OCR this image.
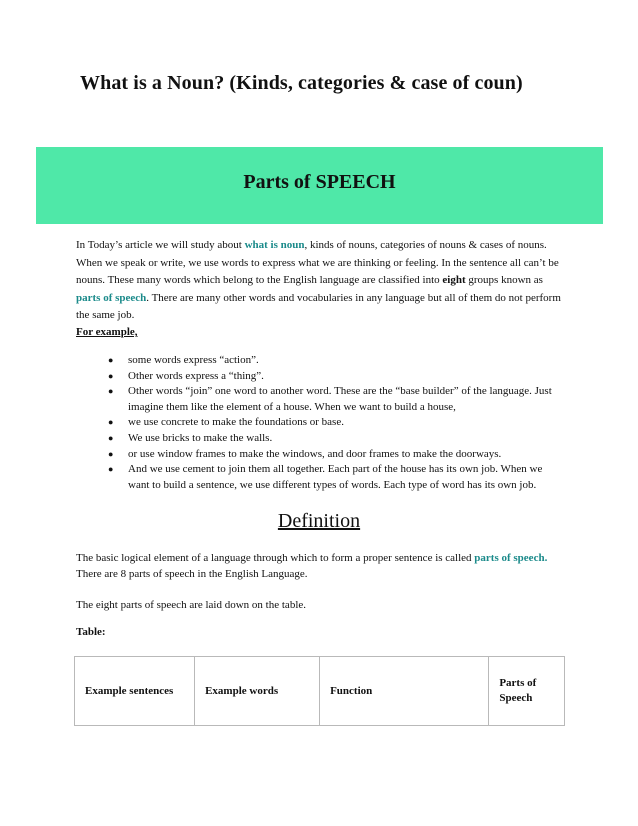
What is a Noun? (Kinds, categories & case of coun)
Parts of SPEECH
In Today’s article we will study about what is noun, kinds of nouns, categories of nouns & cases of nouns. When we speak or write, we use words to express what we are thinking or feeling. In the sentence all can’t be nouns. These many words which belong to the English language are classified into eight groups known as parts of speech. There are many other words and vocabularies in any language but all of them do not perform the same job.
For example,
● some words express “action”.
● Other words express a “thing”.
● Other words “join” one word to another word. These are the “base builder” of the language. Just imagine them like the element of a house. When we want to build a house,
● we use concrete to make the foundations or base.
● We use bricks to make the walls.
● or use window frames to make the windows, and door frames to make the doorways.
● And we use cement to join them all together. Each part of the house has its own job. When we want to build a sentence, we use different types of words. Each type of word has its own job.
Definition
The basic logical element of a language through which to form a proper sentence is called parts of speech. There are 8 parts of speech in the English Language.
The eight parts of speech are laid down on the table.
Table:
Example sentences	Example words	Function	Parts of Speech
